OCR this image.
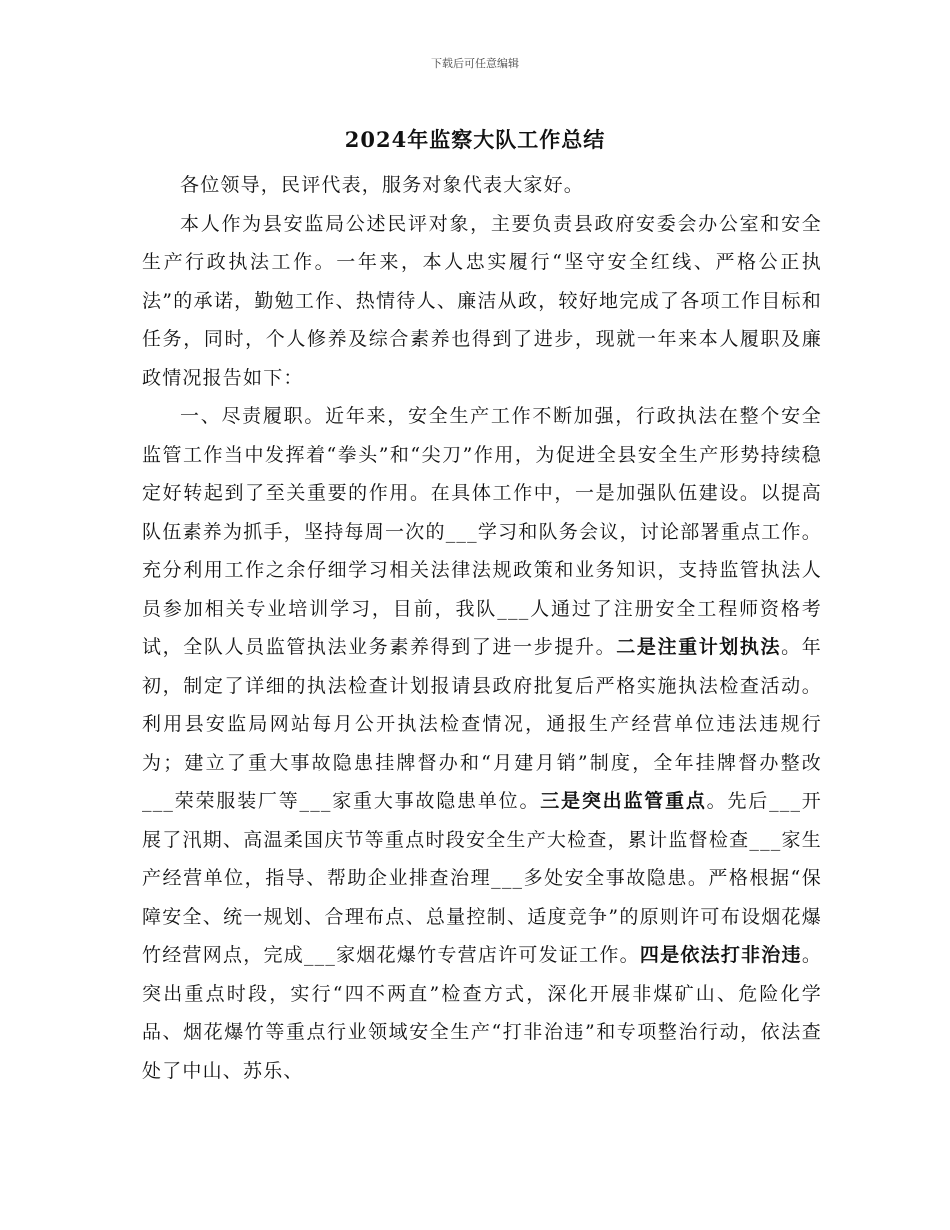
下载后可任意编辑
2024年监察大队工作总结

各位领导，民评代表，服务对象代表大家好。

本人作为县安监局公述民评对象，主要负责县政府安委会办公室和安全生产行政执法工作。一年来，本人忠实履行“坚守安全红线、严格公正执法”的承诺，勤勉工作、热情待人、廉洁从政，较好地完成了各项工作目标和任务，同时，个人修养及综合素养也得到了进步，现就一年来本人履职及廉政情况报告如下：

一、尽责履职。近年来，安全生产工作不断加强，行政执法在整个安全监管工作当中发挥着“拳头”和“尖刀”作用，为促进全县安全生产形势持续稳定好转起到了至关重要的作用。在具体工作中，一是加强队伍建设。以提高队伍素养为抓手，坚持每周一次的___学习和队务会议，讨论部署重点工作。充分利用工作之余仔细学习相关法律法规政策和业务知识，支持监管执法人员参加相关专业培训学习，目前，我队___人通过了注册安全工程师资格考试，全队人员监管执法业务素养得到了进一步提升。二是注重计划执法。年初，制定了详细的执法检查计划报请县政府批复后严格实施执法检查活动。利用县安监局网站每月公开执法检查情况，通报生产经营单位违法违规行为；建立了重大事故隐患挂牌督办和“月建月销”制度，全年挂牌督办整改___荣荣服装厂等___家重大事故隐患单位。三是突出监管重点。先后___开展了汛期、高温柔国庆节等重点时段安全生产大检查，累计监督检查___家生产经营单位，指导、帮助企业排查治理___多处安全事故隐患。严格根据“保障安全、统一规划、合理布点、总量控制、适度竞争”的原则许可布设烟花爆竹经营网点，完成___家烟花爆竹专营店许可发证工作。四是依法打非治违。突出重点时段，实行“四不两直”检查方式，深化开展非煤矿山、危险化学品、烟花爆竹等重点行业领域安全生产“打非治违”和专项整治行动，依法查处了中山、苏乐、
